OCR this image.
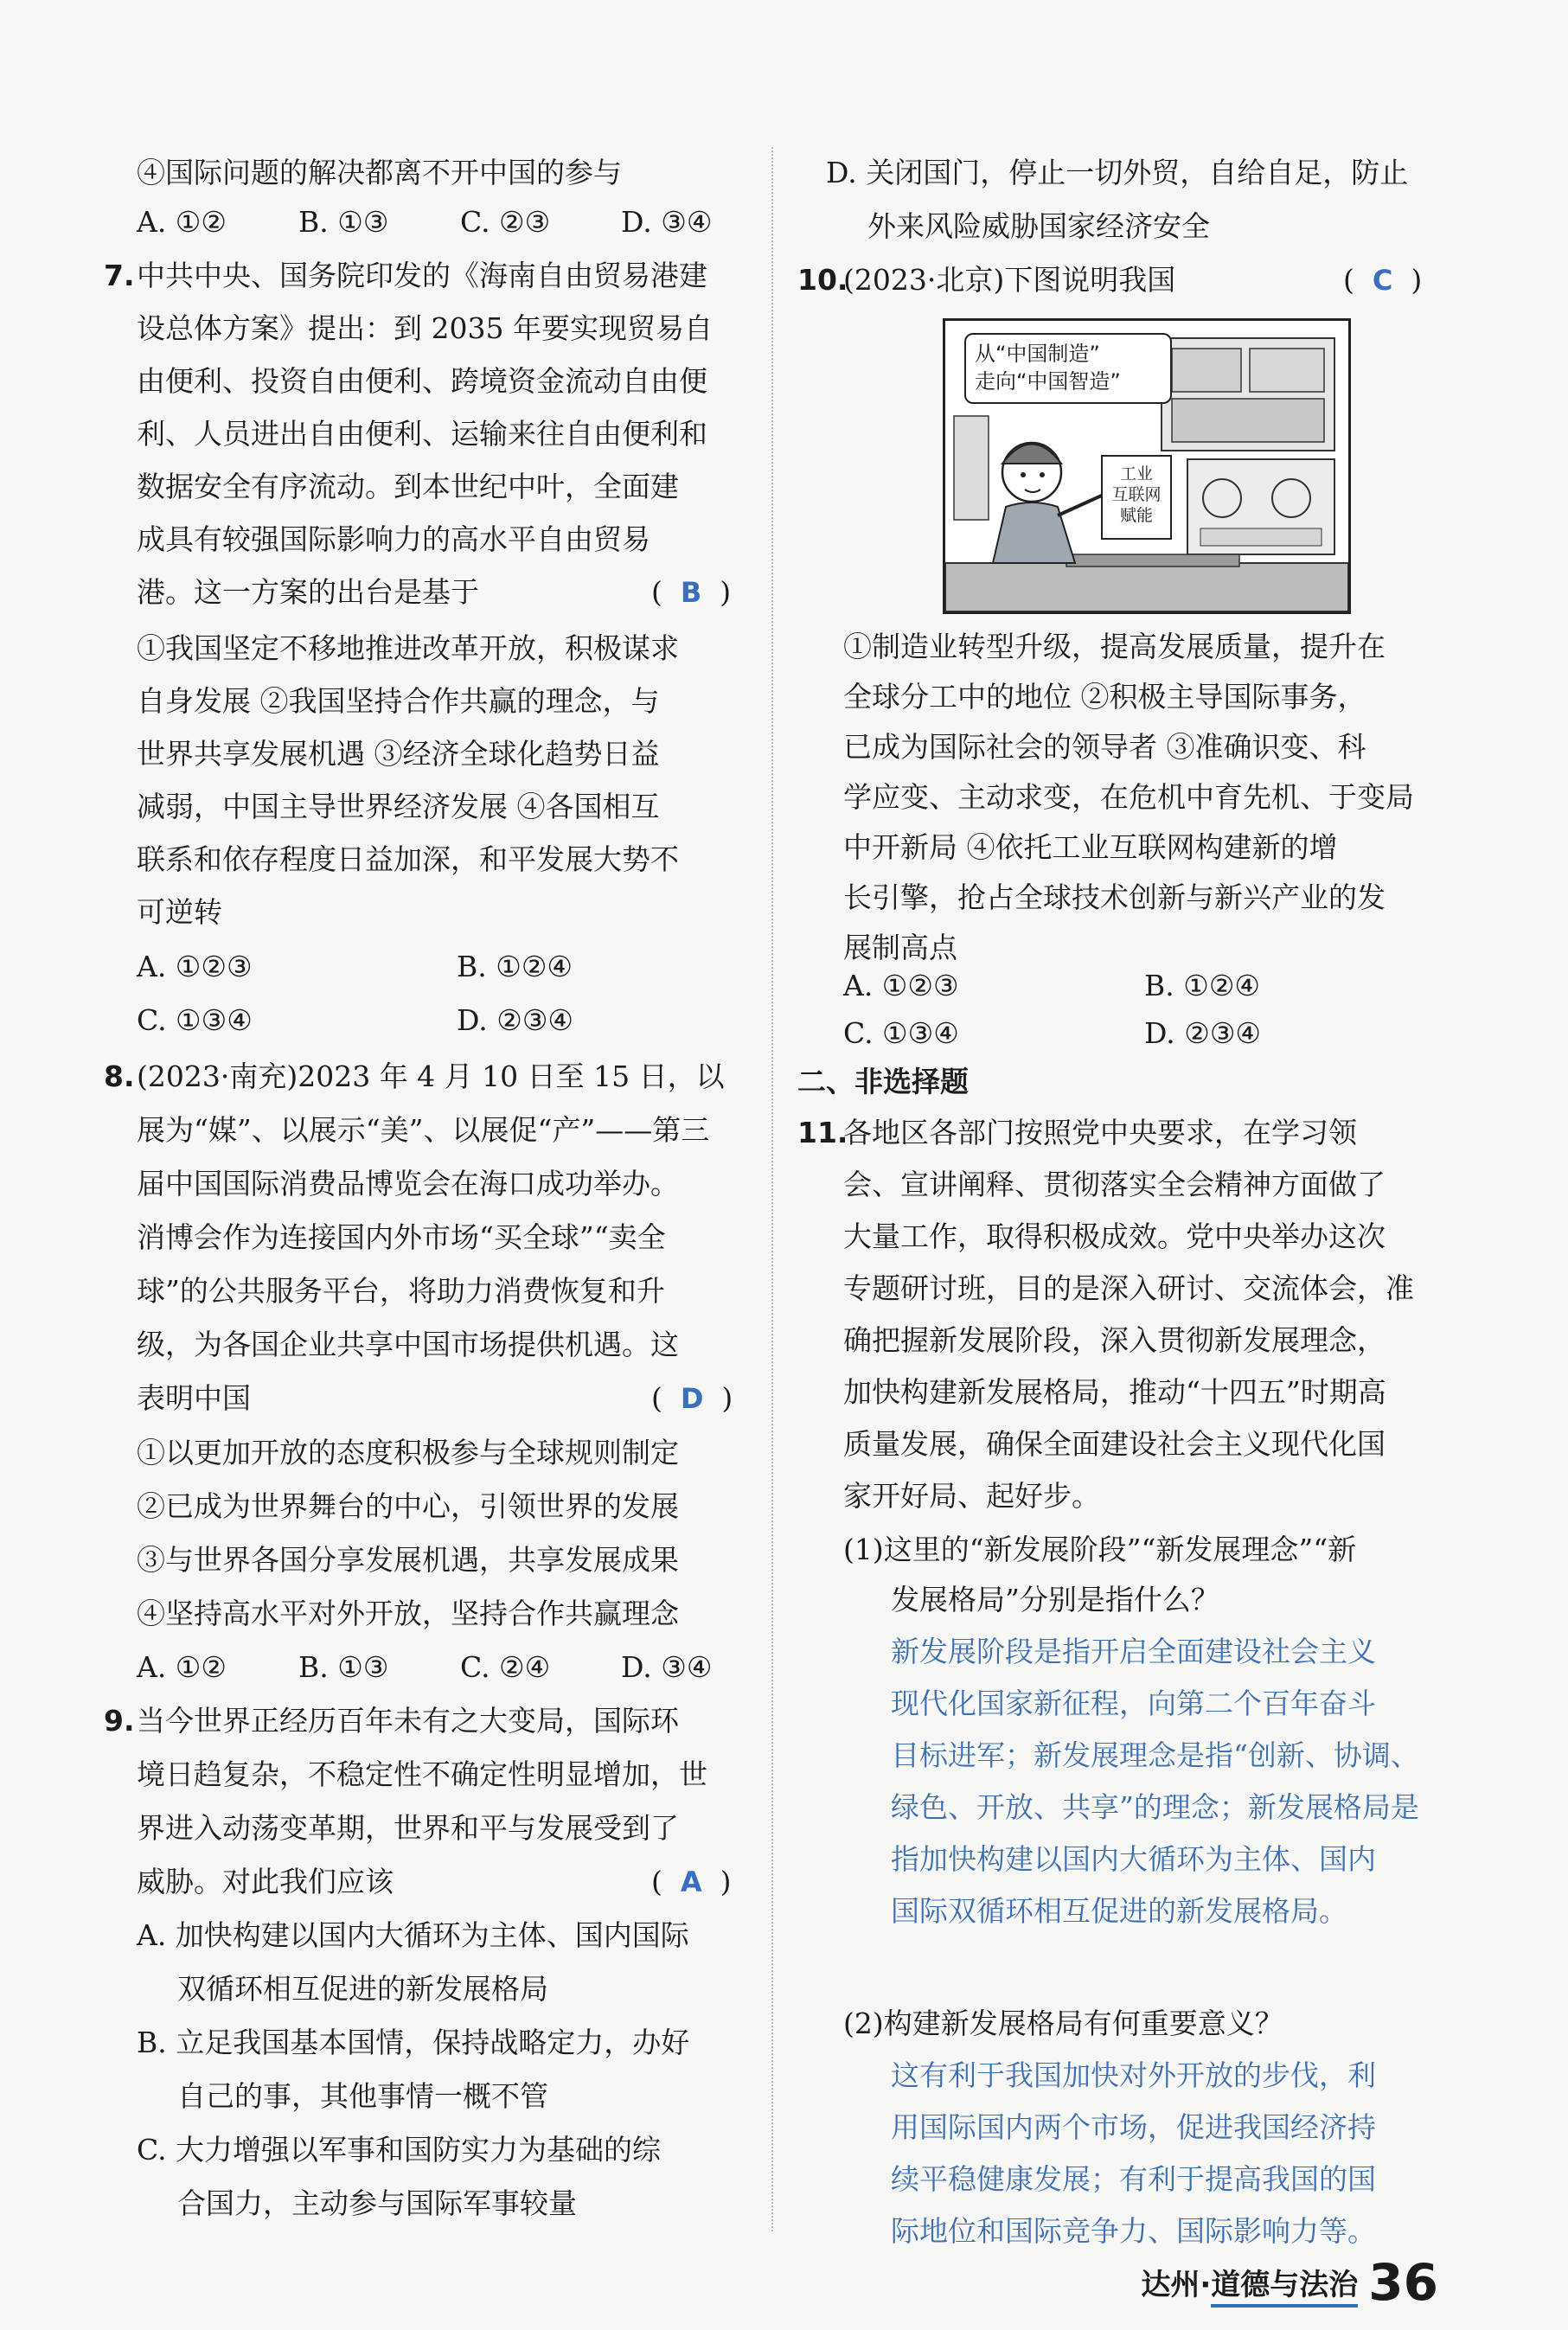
④国际问题的解决都离不开中国的参与
A. ①②	B. ①③	C. ②③ D. ③④
7. 中共中央、国务院印发的《海南自由贸易港建
设总体方案》提出：到 2035 年要实现贸易自
由便利、投资自由便利、跨境资金流动自由便
利、人员进出自由便利、运输来往自由便利和
数据安全有序流动。到本世纪中叶，全面建
成具有较强国际影响力的高水平自由贸易
港。这一方案的出台是基于	(  B  )
①我国坚定不移地推进改革开放，积极谋求
自身发展 ②我国坚持合作共赢的理念，与
世界共享发展机遇 ③经济全球化趋势日益
减弱，中国主导世界经济发展 ④各国相互
联系和依存程度日益加深，和平发展大势不
可逆转
A. ①②③	B. ①②④
C. ①③④	D. ②③④
8. (2023·南充)2023 年 4 月 10 日至 15 日，以
展为“媒”、以展示“美”、以展促“产”——第三
届中国国际消费品博览会在海口成功举办。
消博会作为连接国内外市场“买全球”“卖全
球”的公共服务平台，将助力消费恢复和升
级，为各国企业共享中国市场提供机遇。这
表明中国	(  D  )
①以更加开放的态度积极参与全球规则制定
②已成为世界舞台的中心，引领世界的发展
③与世界各国分享发展机遇，共享发展成果
④坚持高水平对外开放，坚持合作共赢理念
A. ①②	B. ①③	C. ②④ D. ③④
9. 当今世界正经历百年未有之大变局，国际环
境日趋复杂，不稳定性不确定性明显增加，世
界进入动荡变革期，世界和平与发展受到了
威胁。对此我们应该	(  A  )
A. 加快构建以国内大循环为主体、国内国际
双循环相互促进的新发展格局
B. 立足我国基本国情，保持战略定力，办好
自己的事，其他事情一概不管
C. 大力增强以军事和国防实力为基础的综
合国力，主动参与国际军事较量
D. 关闭国门，停止一切外贸，自给自足，防止
外来风险威胁国家经济安全
10.
(2023·北京)下图说明我国	(  C  )
从“中国制造”
走向“中国智造”
工业
互联网
赋能
①制造业转型升级，提高发展质量，提升在
全球分工中的地位 ②积极主导国际事务，
已成为国际社会的领导者 ③准确识变、科
学应变、主动求变，在危机中育先机、于变局
中开新局 ④依托工业互联网构建新的增
长引擎，抢占全球技术创新与新兴产业的发
展制高点
A. ①②③	B. ①②④
C. ①③④	D. ②③④
二、非选择题
11.
各地区各部门按照党中央要求，在学习领
会、宣讲阐释、贯彻落实全会精神方面做了
大量工作，取得积极成效。党中央举办这次
专题研讨班，目的是深入研讨、交流体会，准
确把握新发展阶段，深入贯彻新发展理念，
加快构建新发展格局，推动“十四五”时期高
质量发展，确保全面建设社会主义现代化国
家开好局、起好步。
(1)这里的“新发展阶段”“新发展理念”“新
发展格局”分别是指什么？
新发展阶段是指开启全面建设社会主义
现代化国家新征程，向第二个百年奋斗
目标进军；新发展理念是指“创新、协调、
绿色、开放、共享”的理念；新发展格局是
指加快构建以国内大循环为主体、国内
国际双循环相互促进的新发展格局。
(2)构建新发展格局有何重要意义？
这有利于我国加快对外开放的步伐，利
用国际国内两个市场，促进我国经济持
续平稳健康发展；有利于提高我国的国
际地位和国际竞争力、国际影响力等。
达州·道德与法治 36
